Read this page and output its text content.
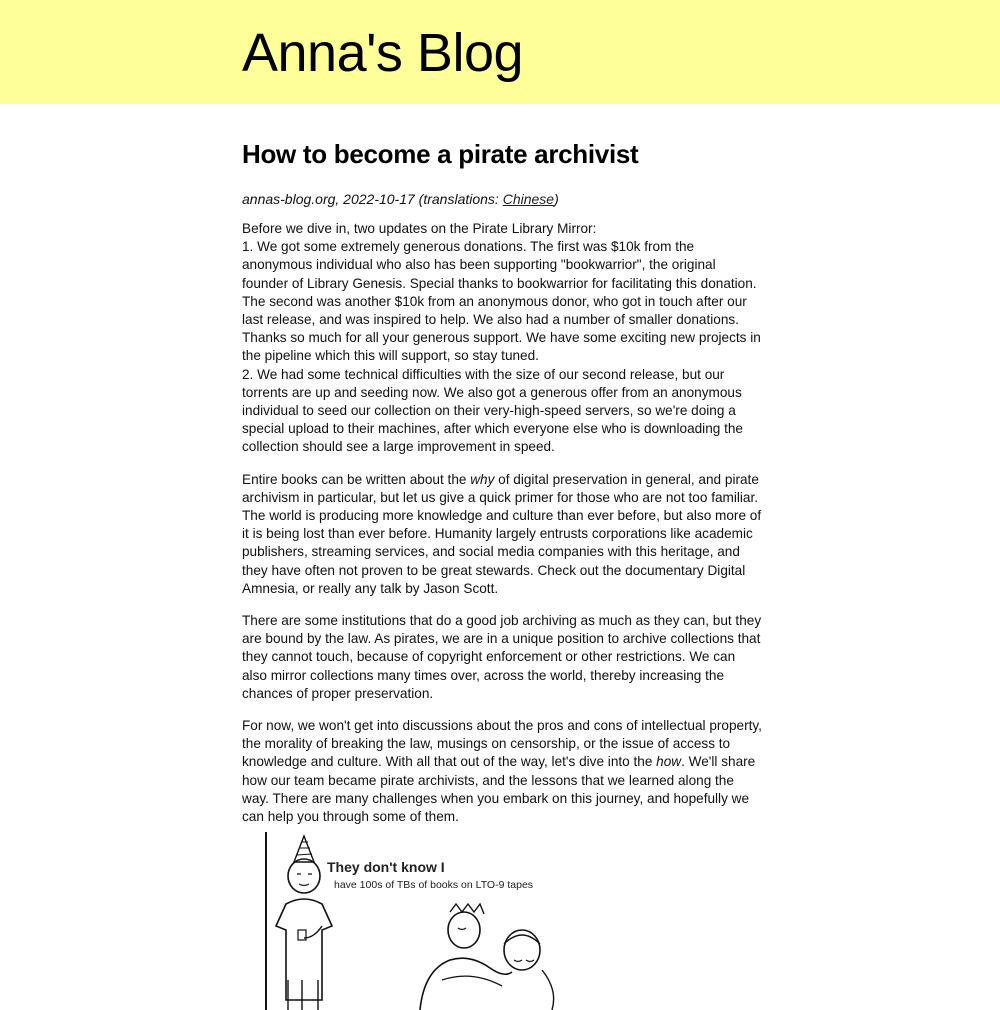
Anna's Blog
How to become a pirate archivist
annas-blog.org, 2022-10-17 (translations: Chinese)

Before we dive in, two updates on the Pirate Library Mirror:
1. We got some extremely generous donations. The first was $10k from the anonymous individual who also has been supporting "bookwarrior", the original founder of Library Genesis. Special thanks to bookwarrior for facilitating this donation. The second was another $10k from an anonymous donor, who got in touch after our last release, and was inspired to help. We also had a number of smaller donations. Thanks so much for all your generous support. We have some exciting new projects in the pipeline which this will support, so stay tuned.
2. We had some technical difficulties with the size of our second release, but our torrents are up and seeding now. We also got a generous offer from an anonymous individual to seed our collection on their very-high-speed servers, so we're doing a special upload to their machines, after which everyone else who is downloading the collection should see a large improvement in speed.

Entire books can be written about the why of digital preservation in general, and pirate archivism in particular, but let us give a quick primer for those who are not too familiar. The world is producing more knowledge and culture than ever before, but also more of it is being lost than ever before. Humanity largely entrusts corporations like academic publishers, streaming services, and social media companies with this heritage, and they have often not proven to be great stewards. Check out the documentary Digital Amnesia, or really any talk by Jason Scott.

There are some institutions that do a good job archiving as much as they can, but they are bound by the law. As pirates, we are in a unique position to archive collections that they cannot touch, because of copyright enforcement or other restrictions. We can also mirror collections many times over, across the world, thereby increasing the chances of proper preservation.

For now, we won't get into discussions about the pros and cons of intellectual property, the morality of breaking the law, musings on censorship, or the issue of access to knowledge and culture. With all that out of the way, let's dive into the how. We'll share how our team became pirate archivists, and the lessons that we learned along the way. There are many challenges when you embark on this journey, and hopefully we can help you through some of them.

They don't know I
have 100s of TBs of books on LTO-9 tapes
